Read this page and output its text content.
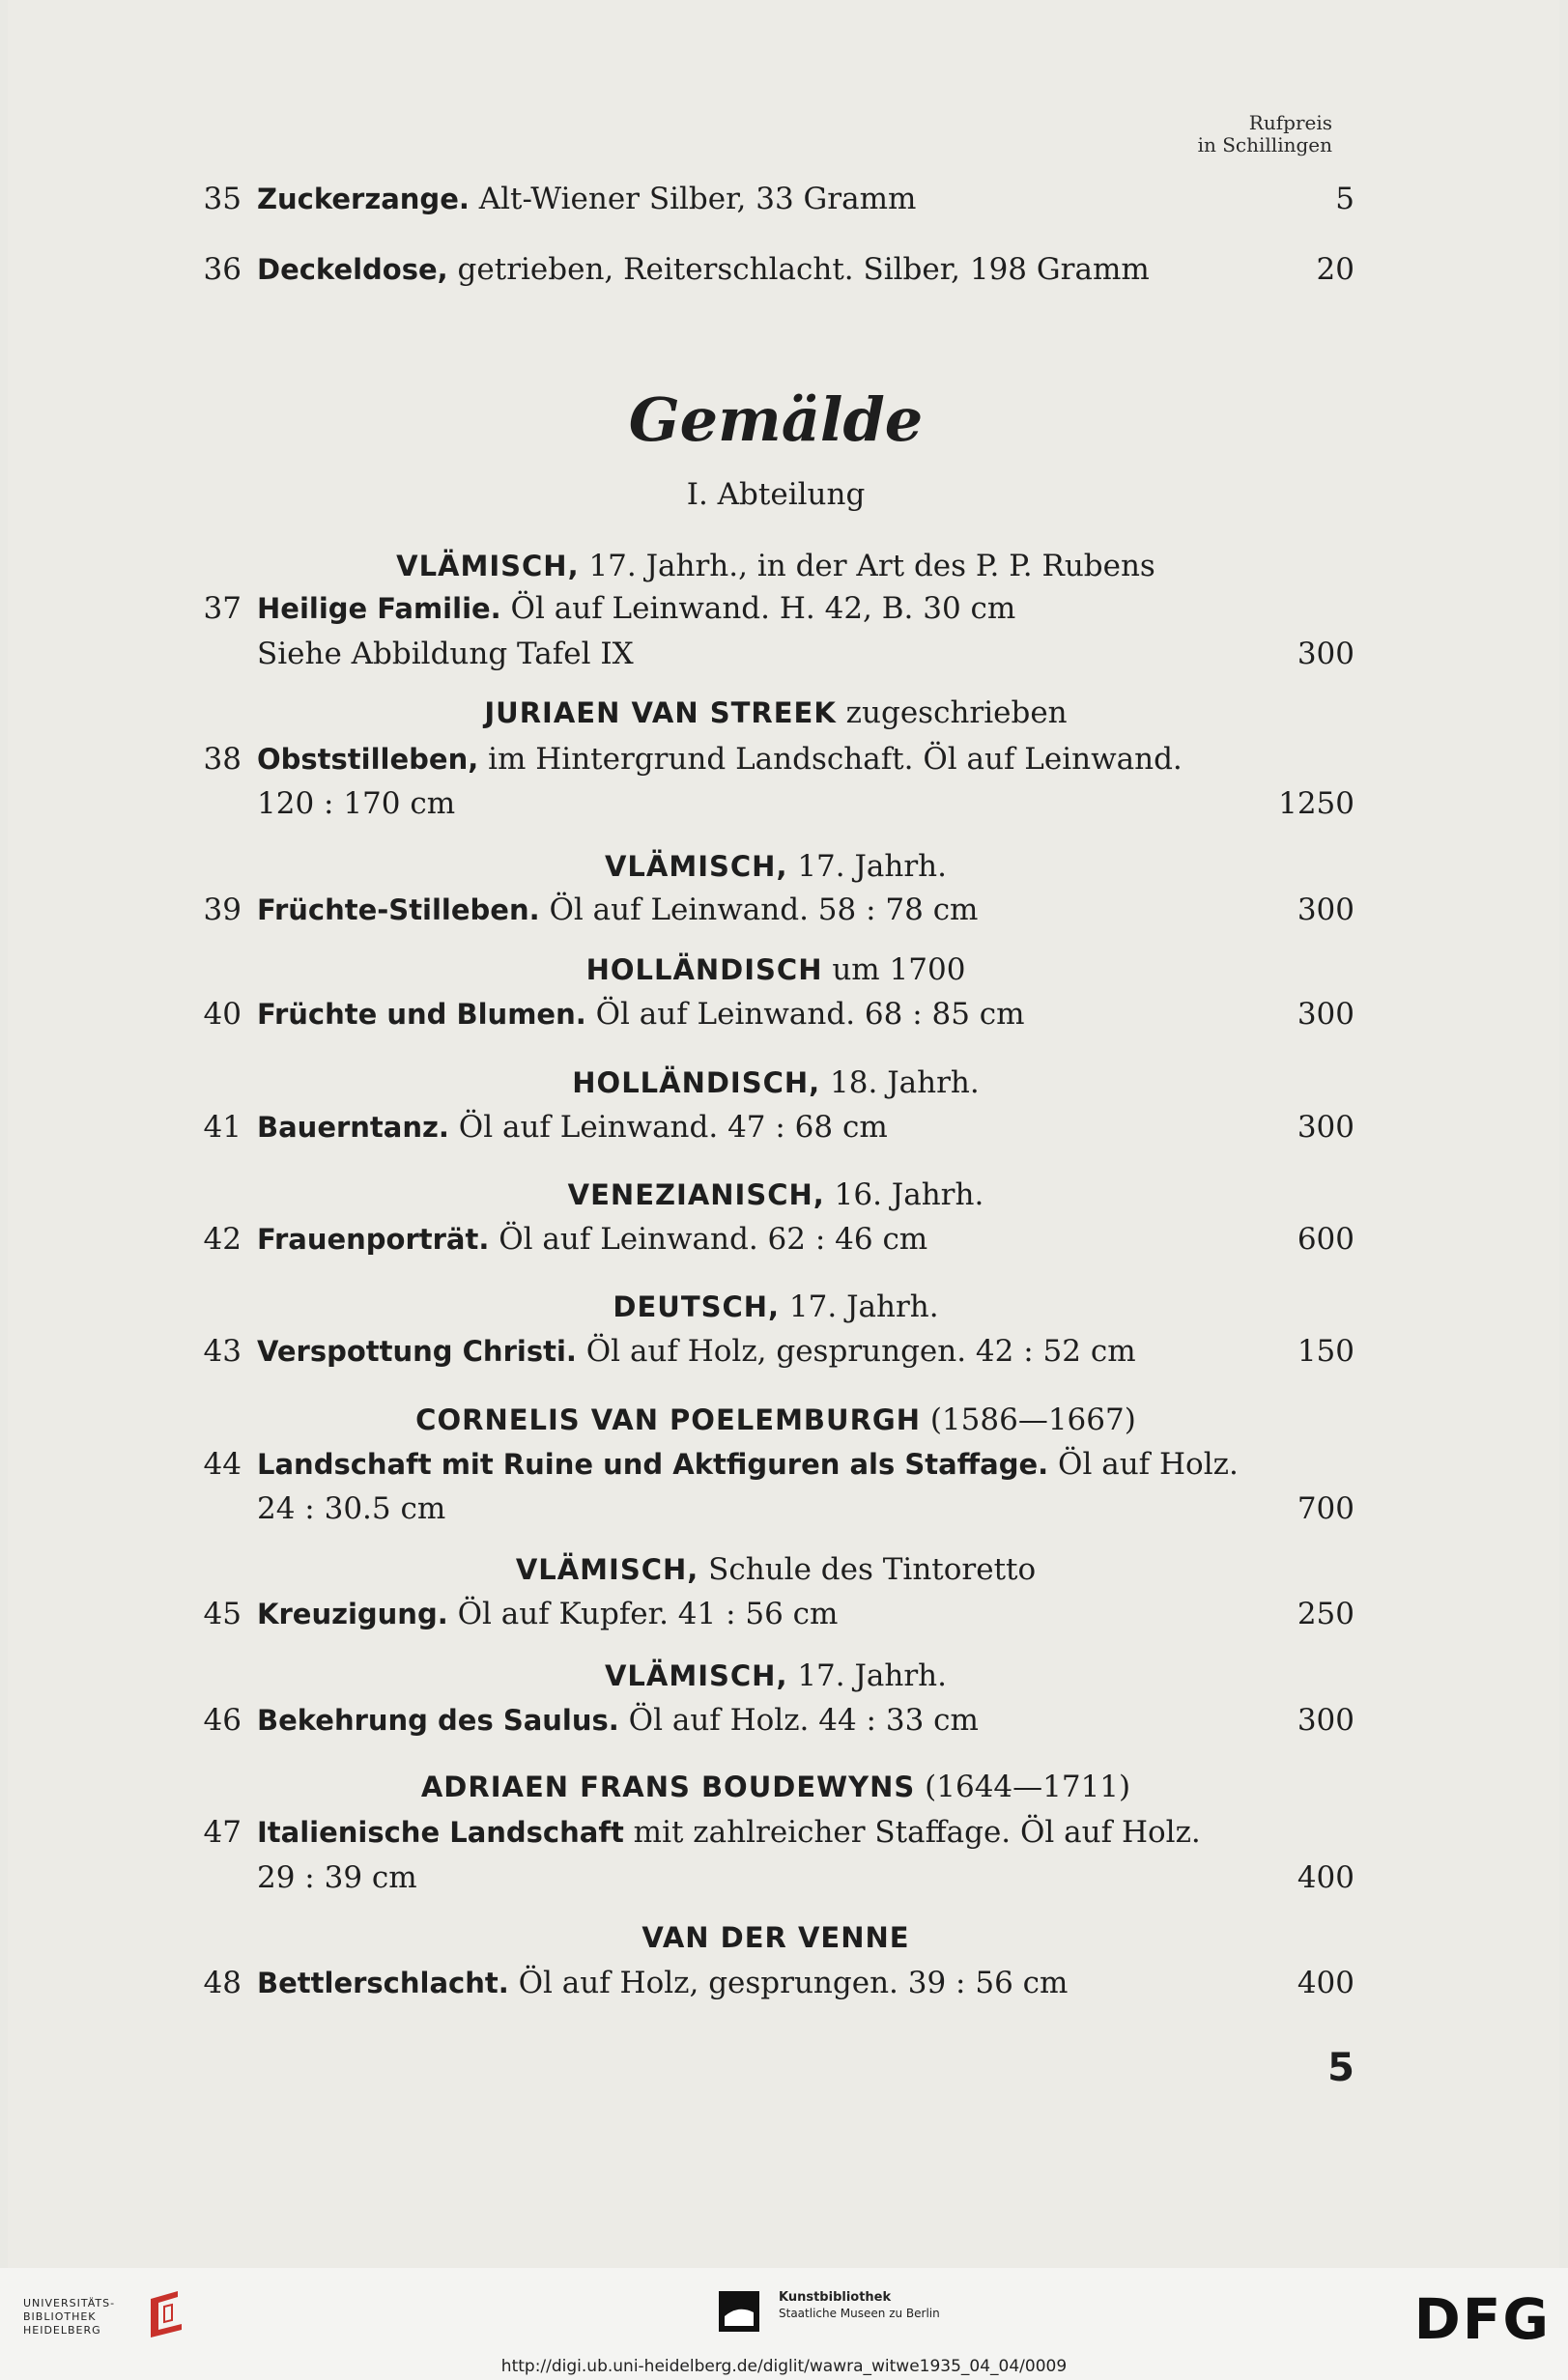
Rufpreis
in Schillingen
35 Zuckerzange. Alt-Wiener Silber, 33 Gramm	5
36 Deckeldose, getrieben, Reiterschlacht. Silber, 198 Gramm	20
Gemälde
I. Abteilung
VLÄMISCH, 17. Jahrh., in der Art des P. P. Rubens
37 Heilige Familie. Öl auf Leinwand. H. 42, B. 30 cm
Siehe Abbildung Tafel IX	300
JURIAEN VAN STREEK zugeschrieben
38 Obststilleben, im Hintergrund Landschaft. Öl auf Leinwand.
120 : 170 cm	1250
VLÄMISCH, 17. Jahrh.
39 Früchte-Stilleben. Öl auf Leinwand. 58 : 78 cm	300
HOLLÄNDISCH um 1700
40 Früchte und Blumen. Öl auf Leinwand. 68 : 85 cm	300
HOLLÄNDISCH, 18. Jahrh.
41 Bauerntanz. Öl auf Leinwand. 47 : 68 cm	300
VENEZIANISCH, 16. Jahrh.
42 Frauenporträt. Öl auf Leinwand. 62 : 46 cm	600
DEUTSCH, 17. Jahrh.
43 Verspottung Christi. Öl auf Holz, gesprungen. 42 : 52 cm	150
CORNELIS VAN POELEMBURGH (1586—1667)
44 Landschaft mit Ruine und Aktfiguren als Staffage. Öl auf Holz.
24 : 30.5 cm	700
VLÄMISCH, Schule des Tintoretto
45 Kreuzigung. Öl auf Kupfer. 41 : 56 cm	250
VLÄMISCH, 17. Jahrh.
46 Bekehrung des Saulus. Öl auf Holz. 44 : 33 cm	300
ADRIAEN FRANS BOUDEWYNS (1644—1711)
47 Italienische Landschaft mit zahlreicher Staffage. Öl auf Holz.
29 : 39 cm	400
VAN DER VENNE
48 Bettlerschlacht. Öl auf Holz, gesprungen. 39 : 56 cm	400
5
UNIVERSITÄTS-
BIBLIOTHEK
HEIDELBERG
Kunstbibliothek
Staatliche Museen zu Berlin	DFG
http://digi.ub.uni-heidelberg.de/diglit/wawra_witwe1935_04_04/0009
